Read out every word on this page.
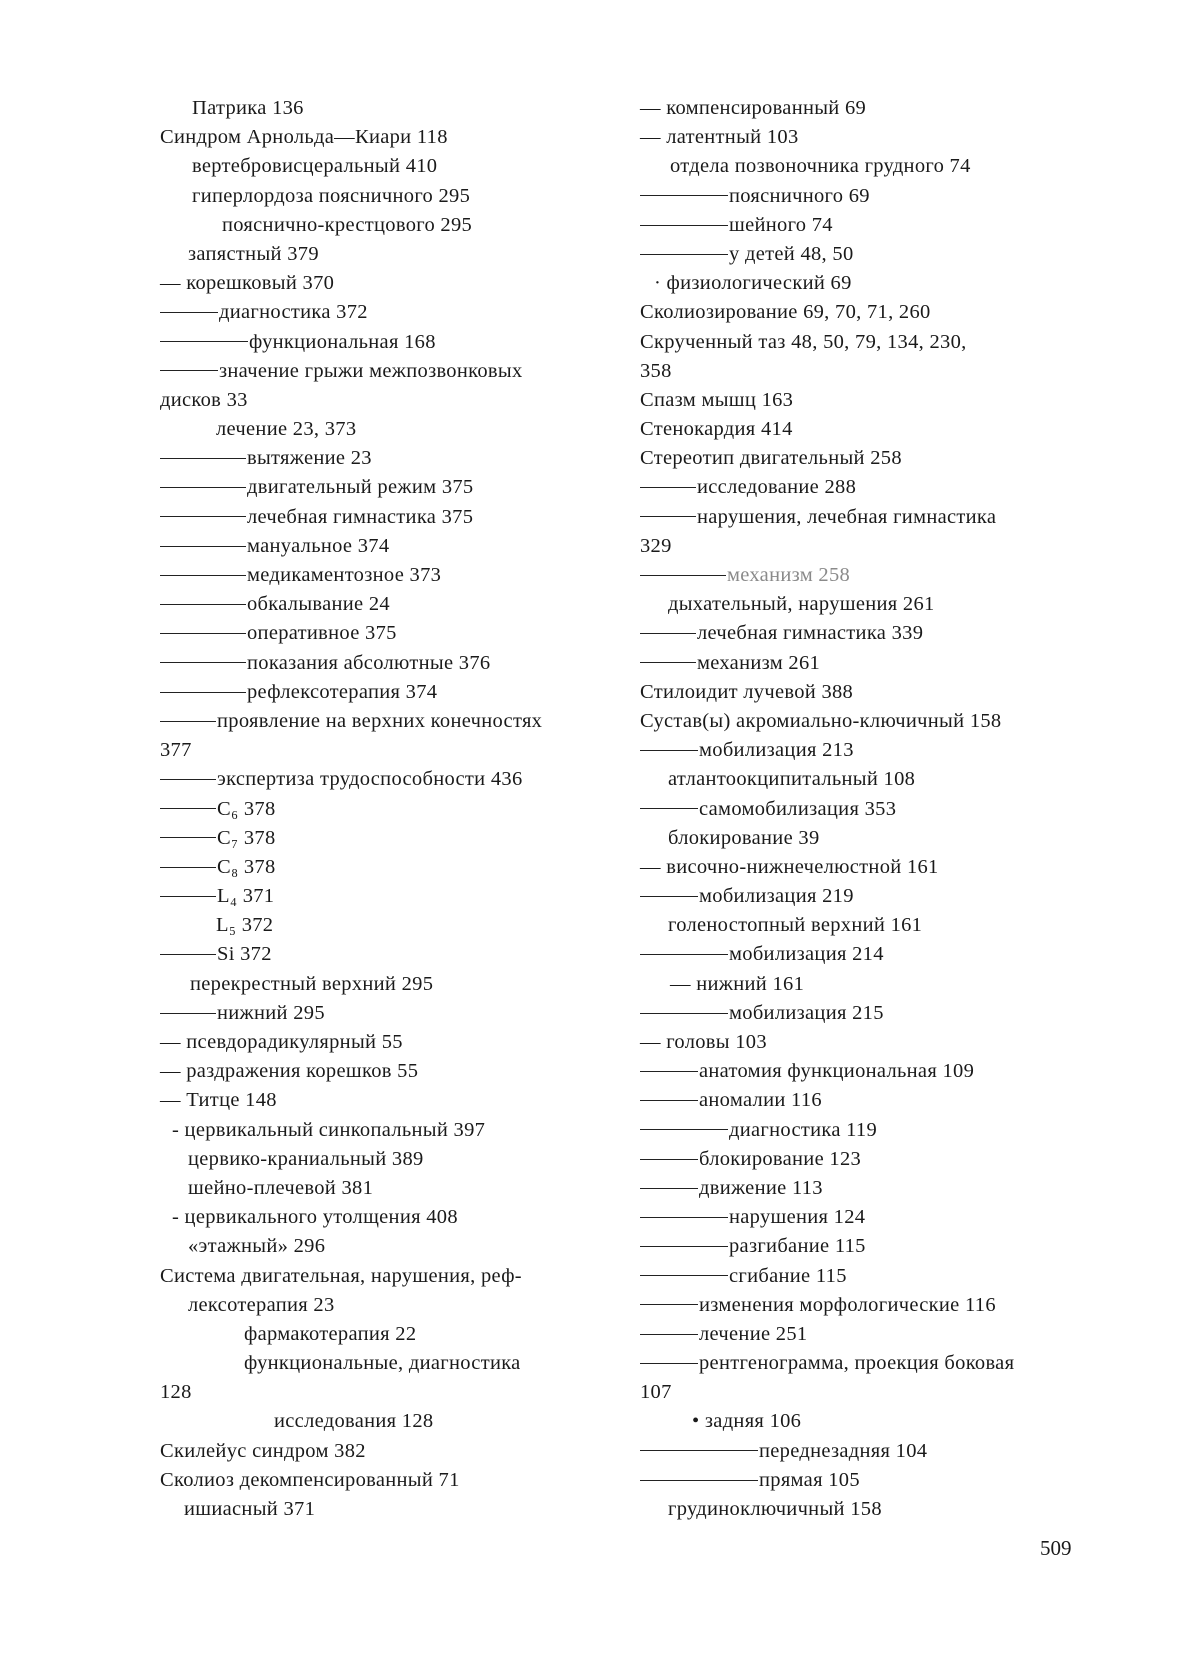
Патрика 136
Синдром Арнольда—Киари 118
вертебровисцеральный 410
гиперлордоза поясничного 295
пояснично-крестцового 295
запястный 379
— корешковый 370
диагностика 372
функциональная 168
значение грыжи межпозвонковых
дисков 33
лечение 23, 373
вытяжение 23
двигательный режим 375
лечебная гимнастика 375
мануальное 374
медикаментозное 373
обкалывание 24
оперативное 375
показания абсолютные 376
рефлексотерапия 374
проявление на верхних конечностях
377
экспертиза трудоспособности 436
C₆ 378
C₇ 378
C₈ 378
L₄ 371
L₅ 372
Si 372
перекрестный верхний 295
нижний 295
— псевдорадикулярный 55
— раздражения корешков 55
— Титце 148
- цервикальный синкопальный 397
цервико-краниальный 389
шейно-плечевой 381
- цервикального утолщения 408
«этажный» 296
Система двигательная, нарушения, реф-
лексотерапия 23
фармакотерапия 22
функциональные, диагностика
128
исследования 128
Скилейус синдром 382
Сколиоз декомпенсированный 71
ишиасный 371
— компенсированный 69
— латентный 103
отдела позвоночника грудного 74
поясничного 69
шейного 74
у детей 48, 50
· физиологический 69
Сколиозирование 69, 70, 71, 260
Скрученный таз 48, 50, 79, 134, 230,
358
Спазм мышц 163
Стенокардия 414
Стереотип двигательный 258
исследование 288
нарушения, лечебная гимнастика
329
механизм 258
дыхательный, нарушения 261
лечебная гимнастика 339
механизм 261
Стилоидит лучевой 388
Сустав(ы) акромиально-ключичный 158
мобилизация 213
атлантоокципитальный 108
самомобилизация 353
блокирование 39
— височно-нижнечелюстной 161
мобилизация 219
голеностопный верхний 161
мобилизация 214
— нижний 161
мобилизация 215
— головы 103
анатомия функциональная 109
аномалии 116
диагностика 119
блокирование 123
движение 113
нарушения 124
разгибание 115
сгибание 115
изменения морфологические 116
лечение 251
рентгенограмма, проекция боковая
107
• задняя 106
переднезадняя 104
прямая 105
грудиноключичный 158
509
